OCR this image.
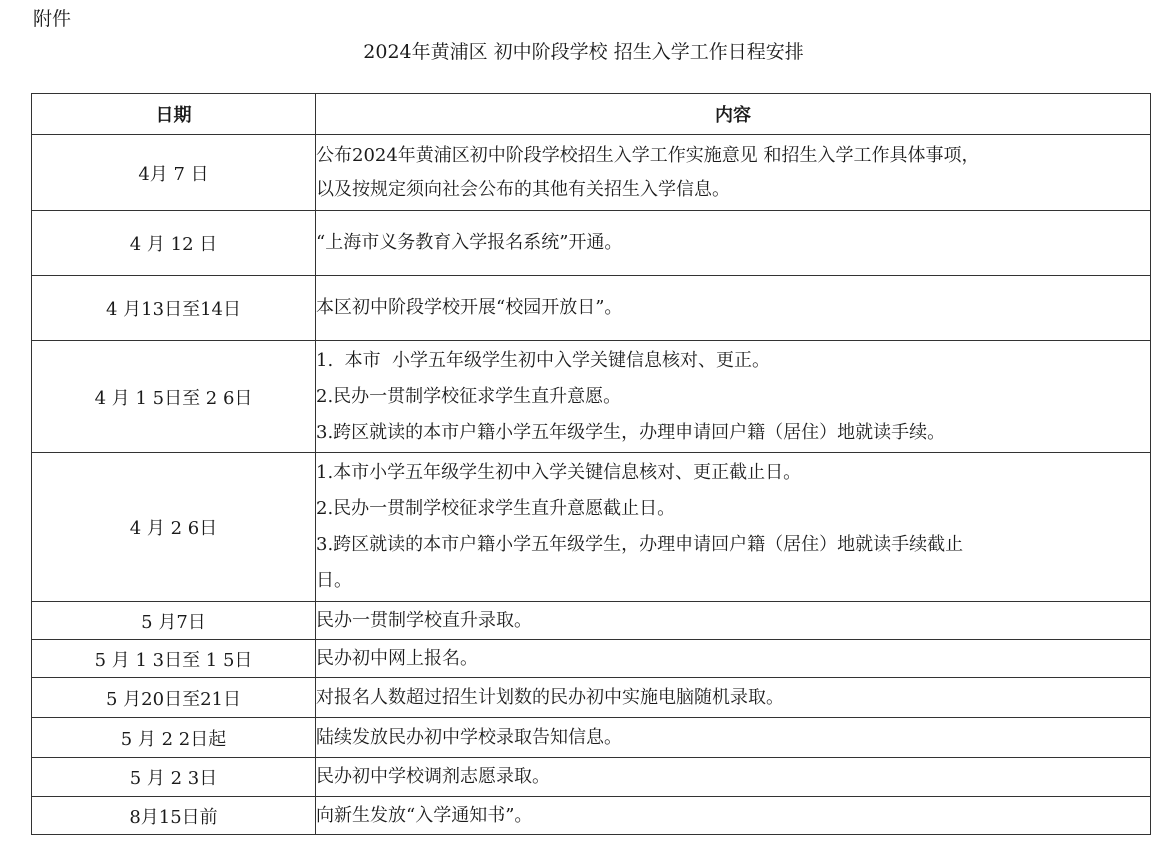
附件
2024年黄浦区 初中阶段学校 招生入学工作日程安排
日期	内容
4月 7 日	公布2024年黄浦区初中阶段学校招生入学工作实施意见 和招生入学工作具体事项，
以及按规定须向社会公布的其他有关招生入学信息。

4 月 12 日	“上海市义务教育入学报名系统”开通。

4 月13日至14日	本区初中阶段学校开展“校园开放日”。

4 月 1 5日至 2 6日	1.  本市  小学五年级学生初中入学关键信息核对、更正。
2.民办一贯制学校征求学生直升意愿。
3.跨区就读的本市户籍小学五年级学生，办理申请回户籍（居住）地就读手续。

4 月 2 6日	1.本市小学五年级学生初中入学关键信息核对、更正截止日。
2.民办一贯制学校征求学生直升意愿截止日。
3.跨区就读的本市户籍小学五年级学生，办理申请回户籍（居住）地就读手续截止
日。

5 月7日	民办一贯制学校直升录取。

5 月 1 3日至 1 5日	民办初中网上报名。

5 月20日至21日	对报名人数超过招生计划数的民办初中实施电脑随机录取。

5 月 2 2日起	陆续发放民办初中学校录取告知信息。

5 月 2 3日	民办初中学校调剂志愿录取。

8月15日前	向新生发放“入学通知书”。
